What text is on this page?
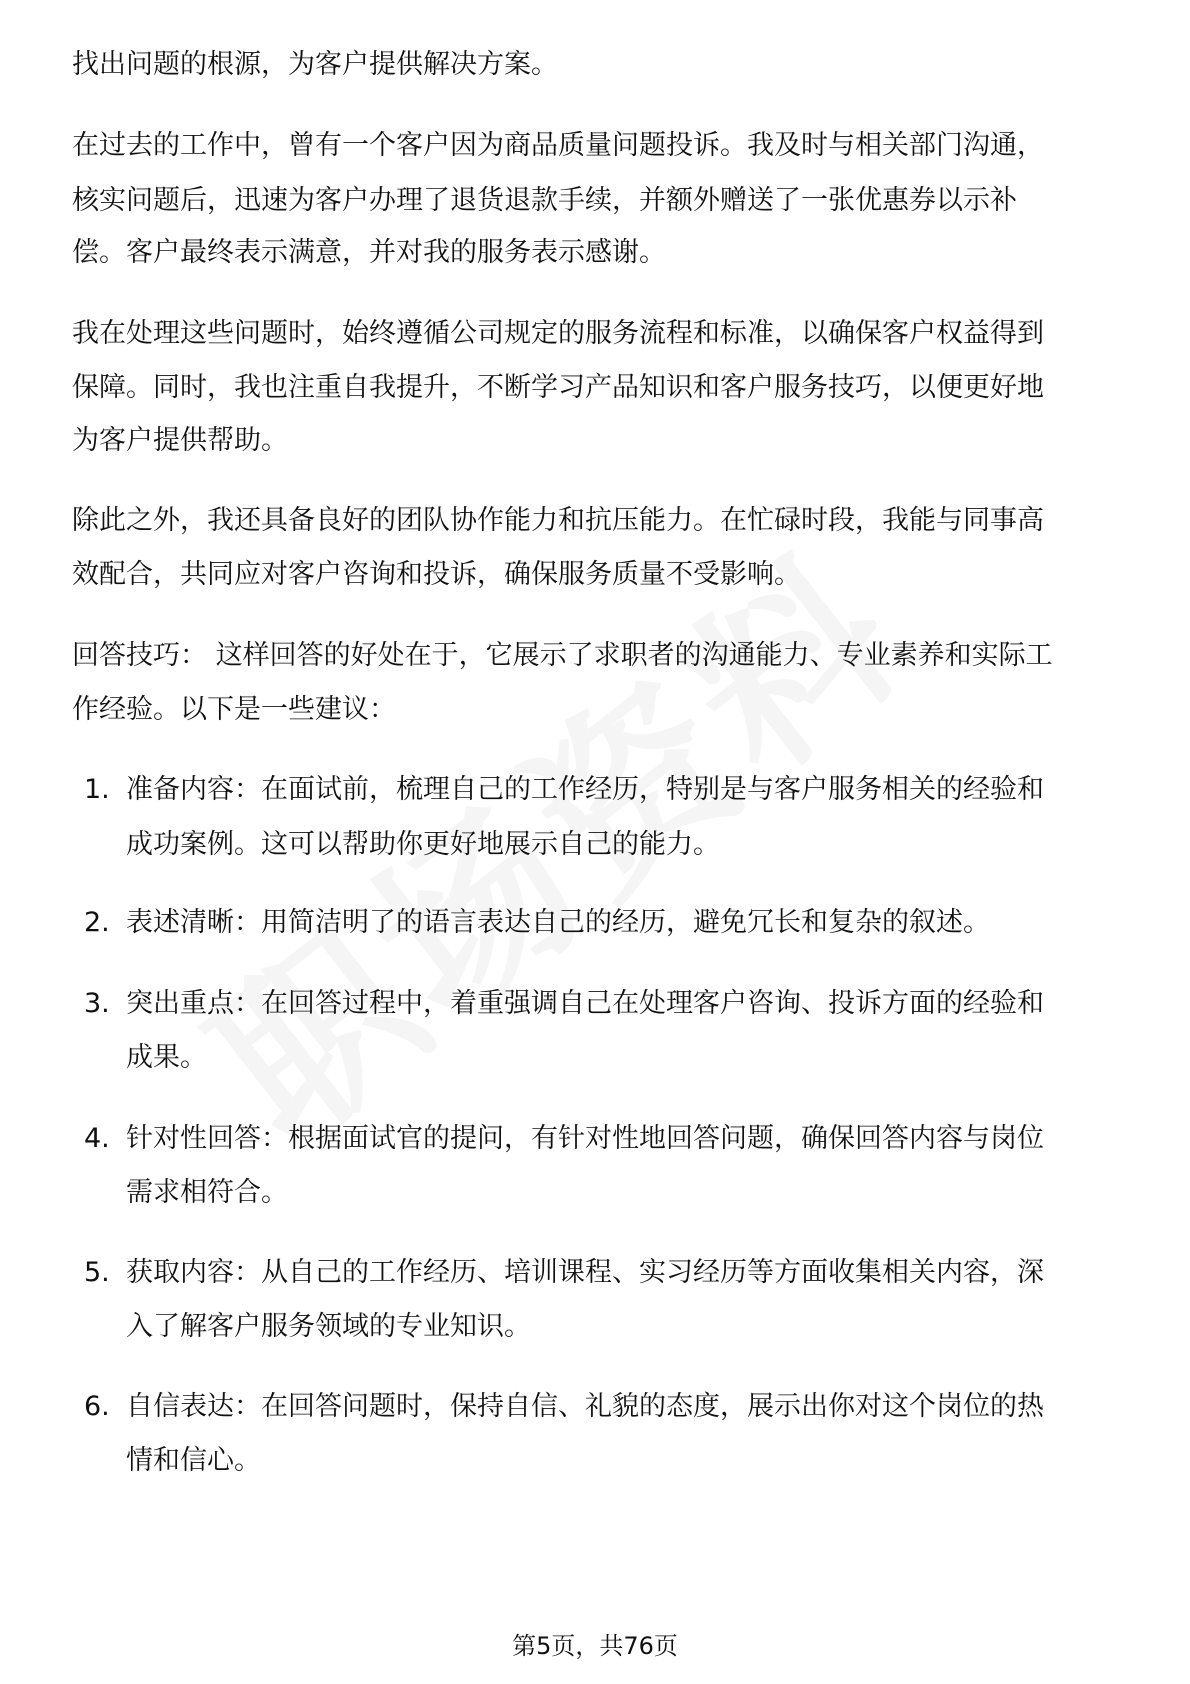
找出问题的根源，为客户提供解决方案。
在过去的工作中，曾有一个客户因为商品质量问题投诉。我及时与相关部门沟通，
核实问题后，迅速为客户办理了退货退款手续，并额外赠送了一张优惠券以示补
偿。客户最终表示满意，并对我的服务表示感谢。
我在处理这些问题时，始终遵循公司规定的服务流程和标准，以确保客户权益得到
保障。同时，我也注重自我提升，不断学习产品知识和客户服务技巧，以便更好地
为客户提供帮助。
除此之外，我还具备良好的团队协作能力和抗压能力。在忙碌时段，我能与同事高
效配合，共同应对客户咨询和投诉，确保服务质量不受影响。
回答技巧： 这样回答的好处在于，它展示了求职者的沟通能力、专业素养和实际工
作经验。以下是一些建议：
1. 准备内容：在面试前，梳理自己的工作经历，特别是与客户服务相关的经验和
成功案例。这可以帮助你更好地展示自己的能力。
2. 表述清晰：用简洁明了的语言表达自己的经历，避免冗长和复杂的叙述。
3. 突出重点：在回答过程中，着重强调自己在处理客户咨询、投诉方面的经验和
成果。
4. 针对性回答：根据面试官的提问，有针对性地回答问题，确保回答内容与岗位
需求相符合。
5. 获取内容：从自己的工作经历、培训课程、实习经历等方面收集相关内容，深
入了解客户服务领域的专业知识。
6. 自信表达：在回答问题时，保持自信、礼貌的态度，展示出你对这个岗位的热
情和信心。
第5页，共76页
